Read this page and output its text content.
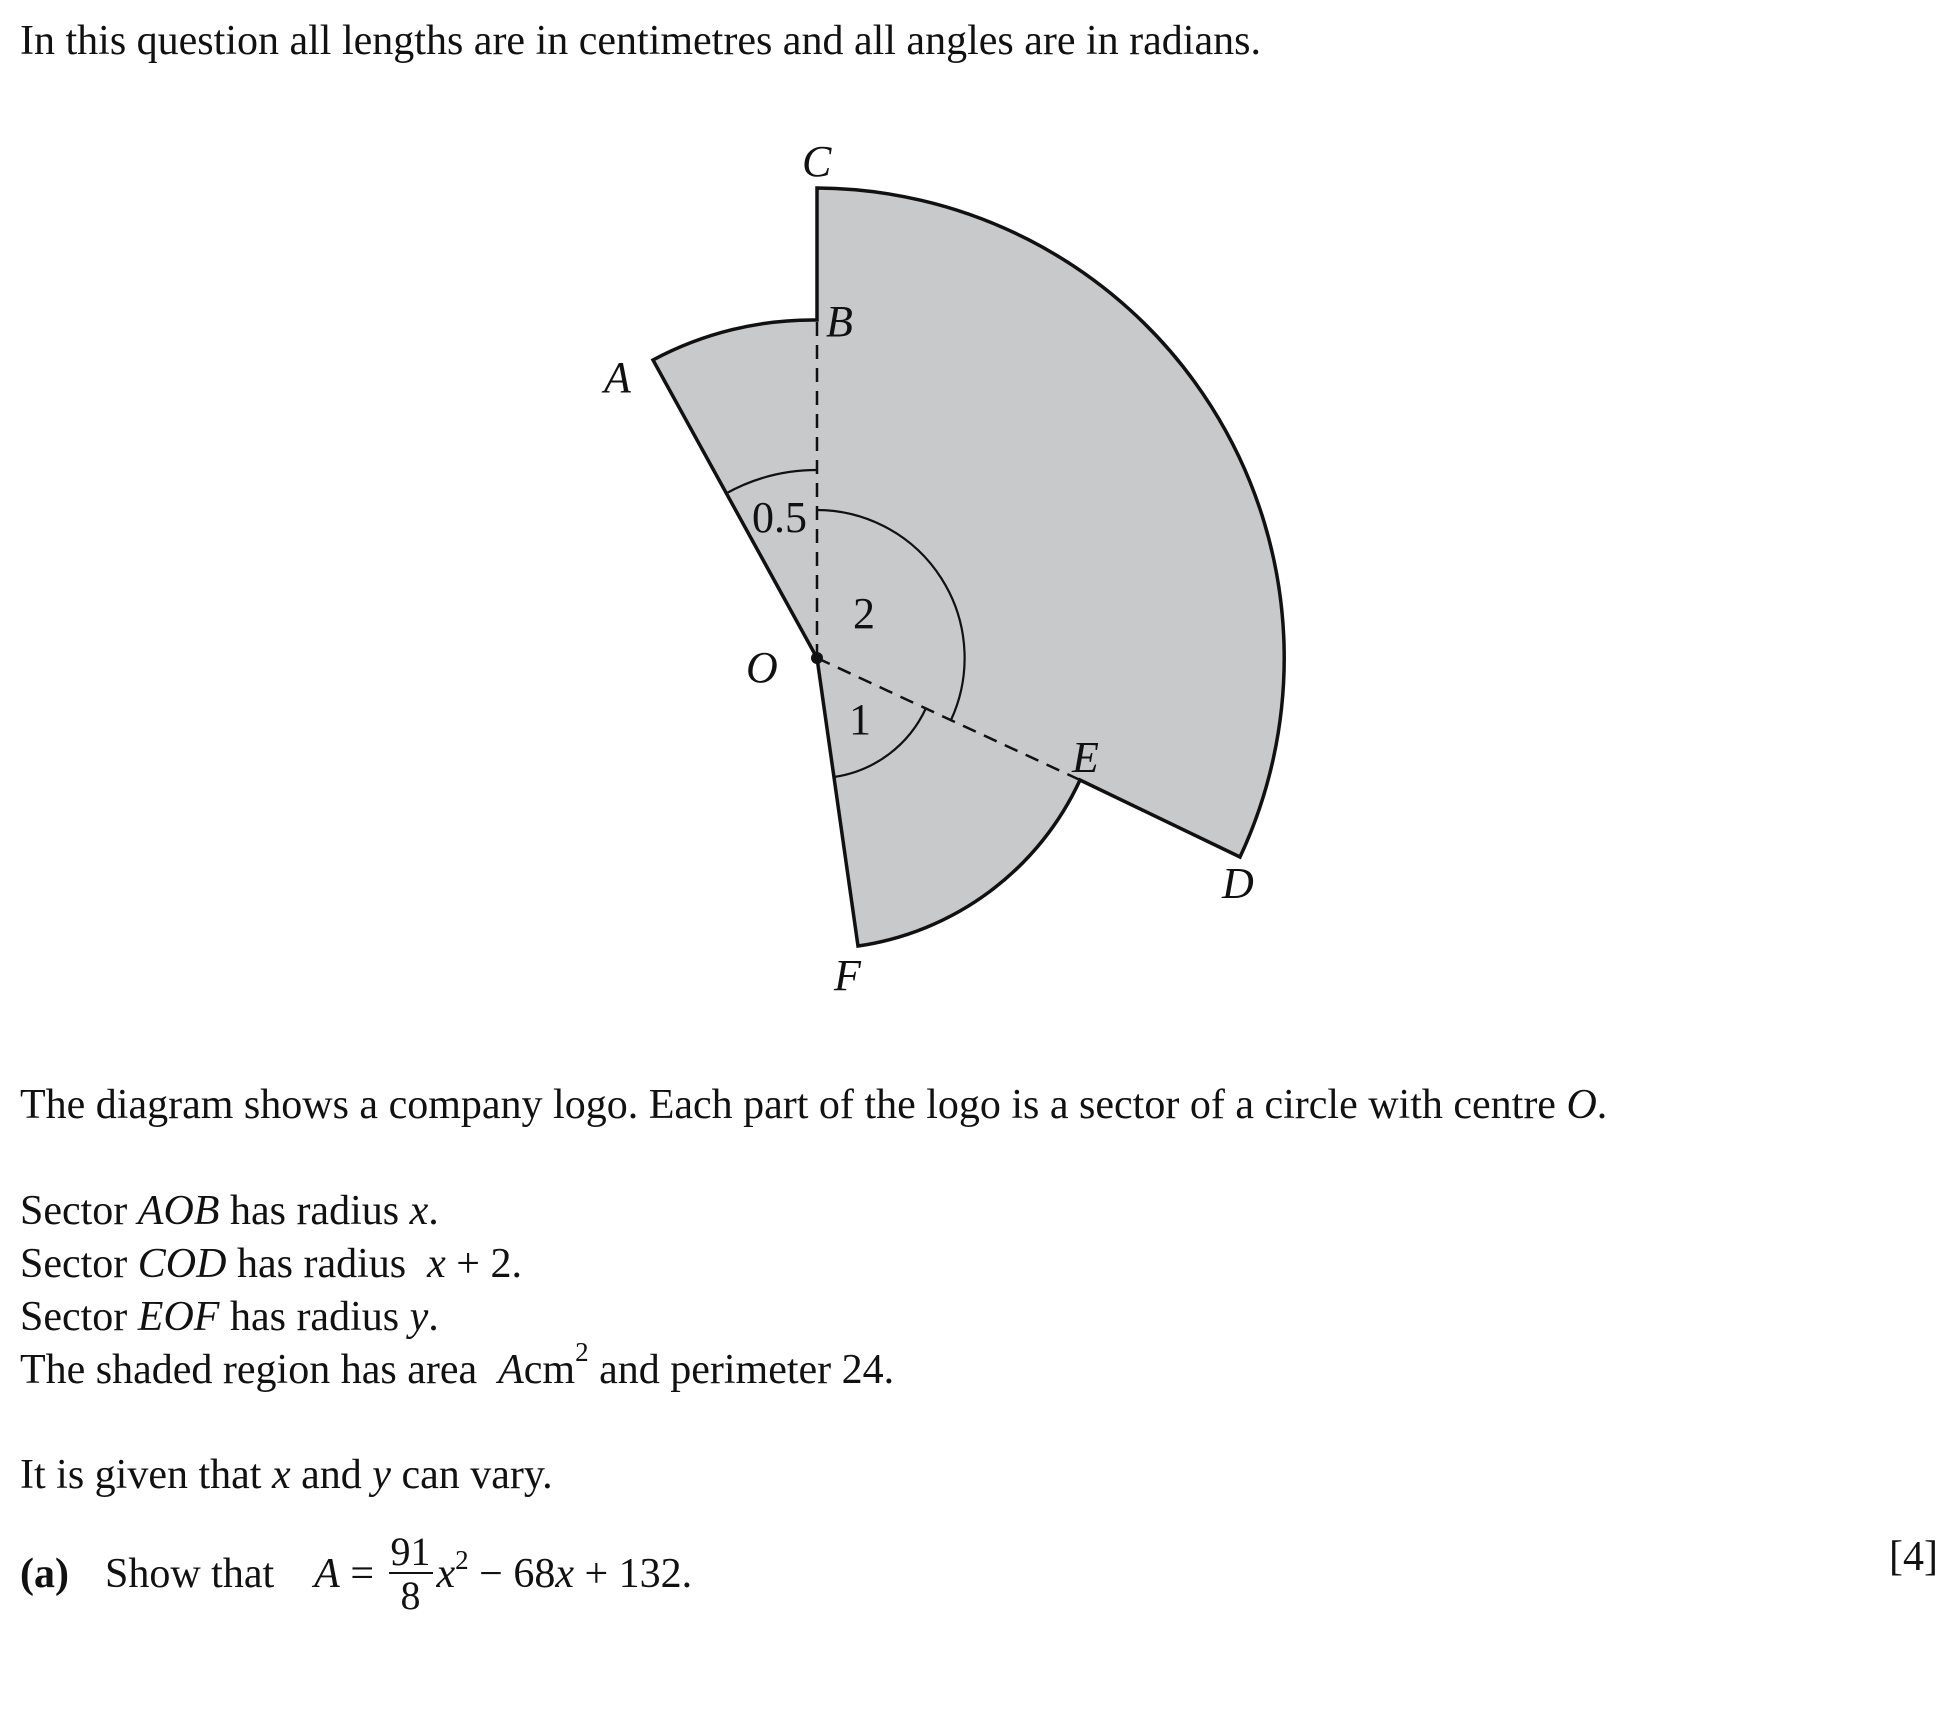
In this question all lengths are in centimetres and all angles are in radians.
C
B
A
O
E
D
F
0.5
2
1
The diagram shows a company logo. Each part of the logo is a sector of a circle with centre O.
Sector AOB has radius x.
Sector COD has radius  x + 2.
Sector EOF has radius y.
The shaded region has area  Acm$^2$ and perimeter 24.
It is given that x and y can vary.
(a) Show that $A = \frac{91}{8} x^2 - 68$ x + 132.	[4]
